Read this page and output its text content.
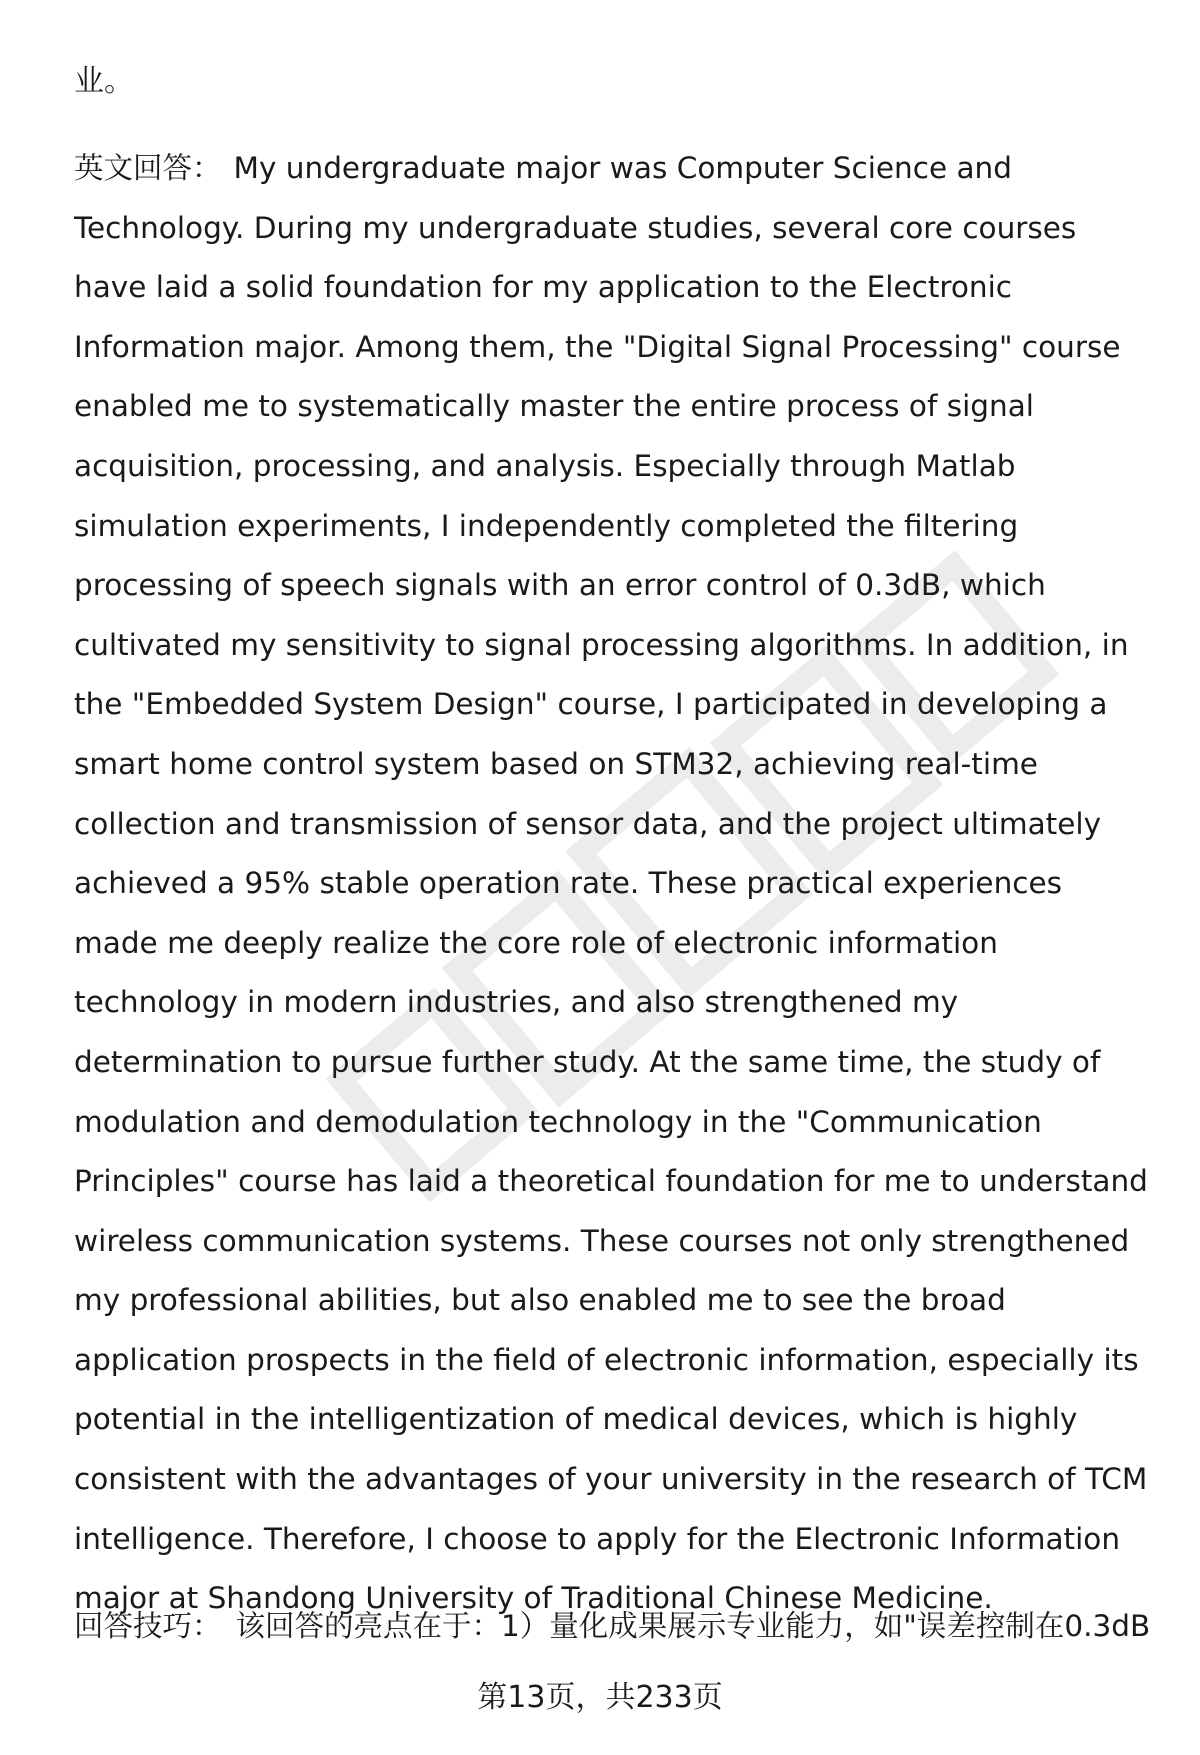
业。
英文回答： My undergraduate major was Computer Science and Technology. During my undergraduate studies, several core courses have laid a solid foundation for my application to the Electronic Information major. Among them, the "Digital Signal Processing" course enabled me to systematically master the entire process of signal acquisition, processing, and analysis. Especially through Matlab simulation experiments, I independently completed the filtering processing of speech signals with an error control of 0.3dB, which cultivated my sensitivity to signal processing algorithms. In addition, in the "Embedded System Design" course, I participated in developing a smart home control system based on STM32, achieving real-time collection and transmission of sensor data, and the project ultimately achieved a 95% stable operation rate. These practical experiences made me deeply realize the core role of electronic information technology in modern industries, and also strengthened my determination to pursue further study. At the same time, the study of modulation and demodulation technology in the "Communication Principles" course has laid a theoretical foundation for me to understand wireless communication systems. These courses not only strengthened my professional abilities, but also enabled me to see the broad application prospects in the field of electronic information, especially its potential in the intelligentization of medical devices, which is highly consistent with the advantages of your university in the research of TCM intelligence. Therefore, I choose to apply for the Electronic Information major at Shandong University of Traditional Chinese Medicine.
回答技巧： 该回答的亮点在于：1）量化成果展示专业能力，如"误差控制在0.3dB
第13页，共233页
